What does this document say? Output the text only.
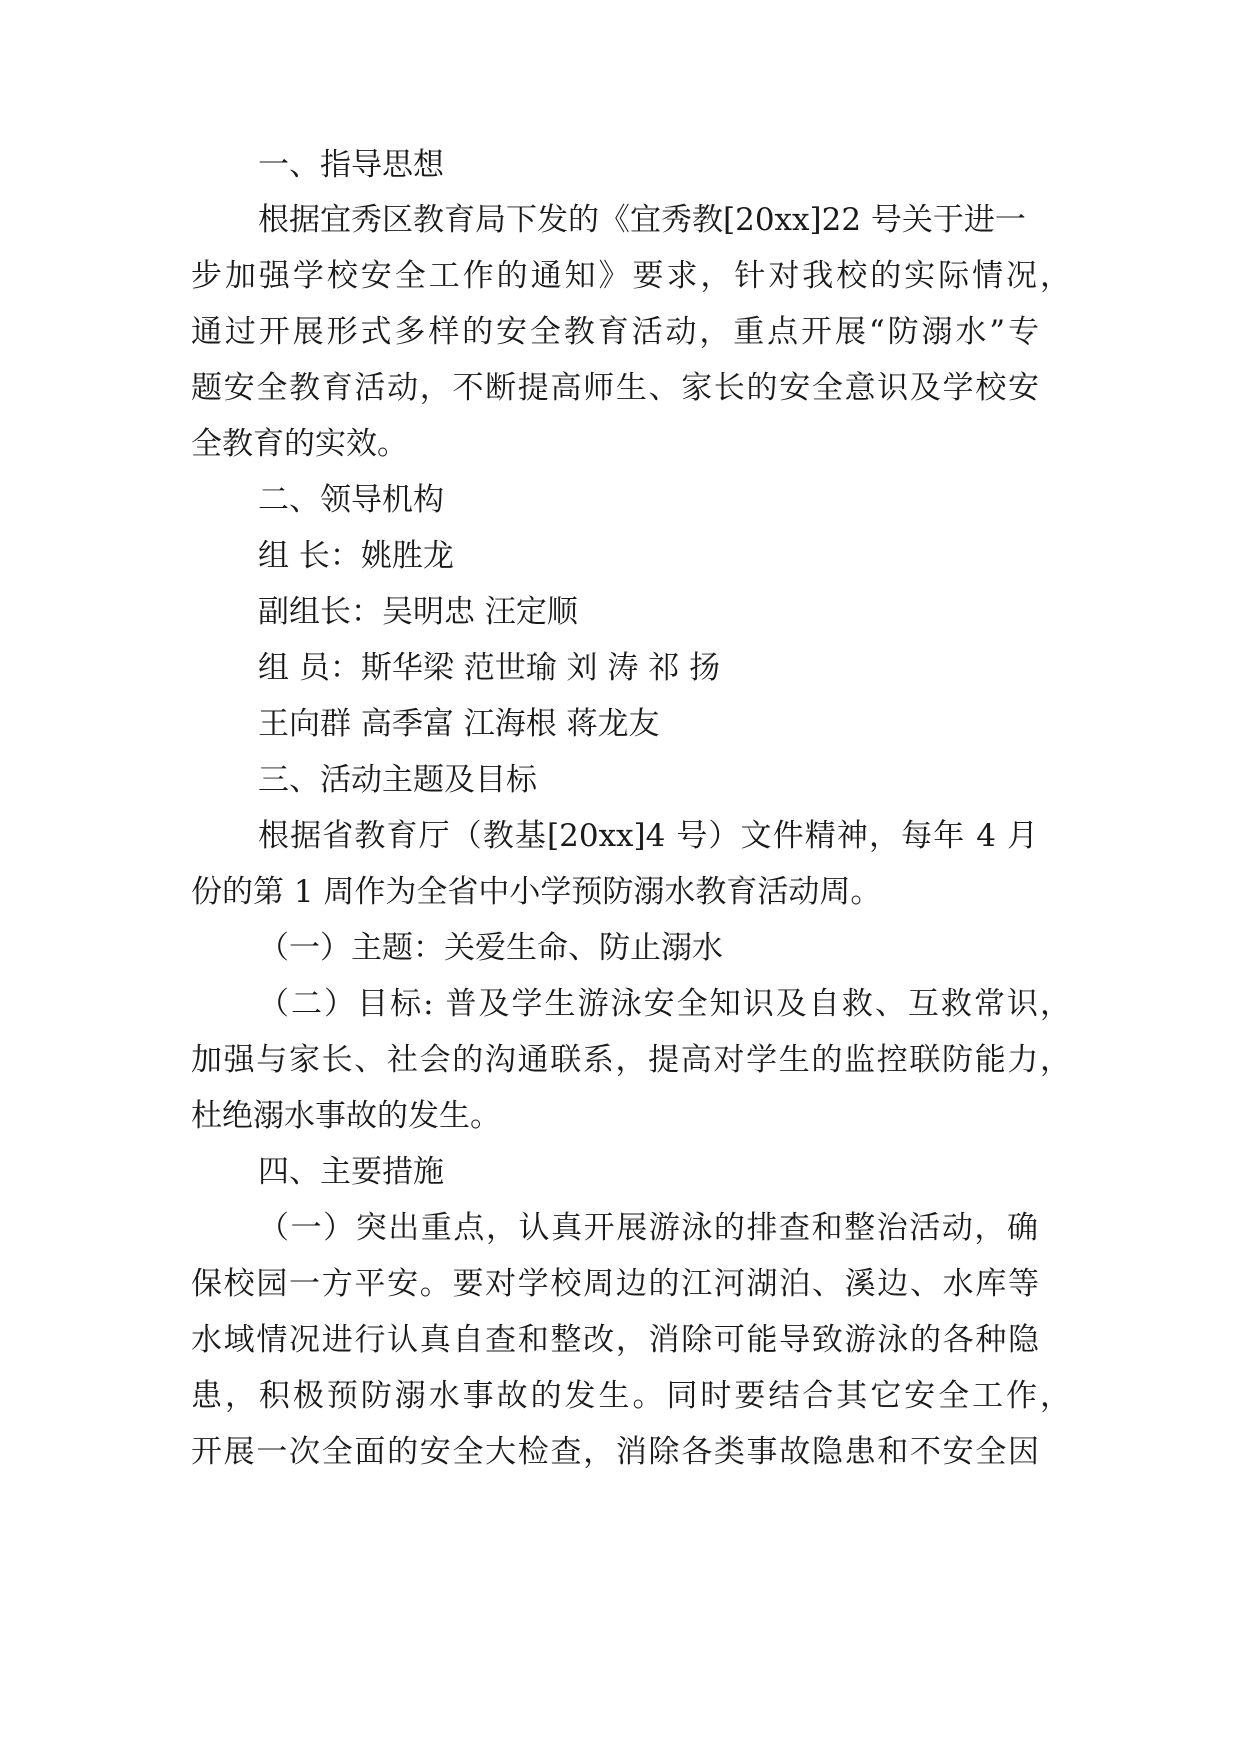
一、指导思想
根据宜秀区教育局下发的《宜秀教[20xx]22 号关于进一
步加强学校安全工作的通知》要求，针对我校的实际情况，
通过开展形式多样的安全教育活动，重点开展“防溺水”专
题安全教育活动，不断提高师生、家长的安全意识及学校安
全教育的实效。
二、领导机构
组 长：姚胜龙
副组长：吴明忠 汪定顺
组 员：斯华梁 范世瑜 刘 涛 祁 扬
王向群 高季富 江海根 蒋龙友
三、活动主题及目标
根据省教育厅（教基[20xx]4 号）文件精神，每年 4 月
份的第 1 周作为全省中小学预防溺水教育活动周。
（一）主题：关爱生命、防止溺水
（二）目标: 普及学生游泳安全知识及自救、互救常识，
加强与家长、社会的沟通联系，提高对学生的监控联防能力，
杜绝溺水事故的发生。
四、主要措施
（一）突出重点，认真开展游泳的排查和整治活动，确
保校园一方平安。要对学校周边的江河湖泊、溪边、水库等
水域情况进行认真自查和整改，消除可能导致游泳的各种隐
患，积极预防溺水事故的发生。同时要结合其它安全工作，
开展一次全面的安全大检查，消除各类事故隐患和不安全因
